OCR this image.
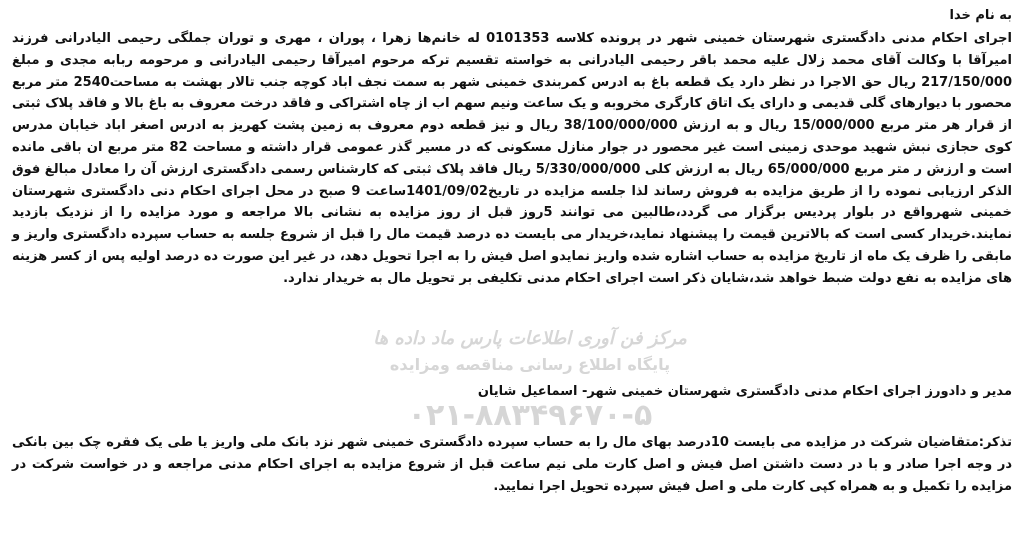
مرکز فن آوری اطلاعات پارس ماد داده ها
پایگاه اطلاع رسانی مناقصه ومزایده
۰۲۱-۸۸۳۴۹۶۷۰-۵
به نام خدا

اجرای احکام مدنی دادگستری شهرستان خمینی شهر در پرونده کلاسه 0101353 له خانم‌ها زهرا ، پوران ، مهری و توران جملگی رحیمی الیادرانی فرزند امیرآقا با وکالت آقای محمد زلال علیه محمد باقر رحیمی الیادرانی به خواسته تقسیم ترکه مرحوم امیرآقا رحیمی الیادرانی و مرحومه ربابه مجدی و مبلغ 217/150/000 ریال حق الاجرا در نظر دارد یک قطعه باغ به ادرس کمربندی خمینی شهر به سمت نجف اباد کوچه جنب تالار بهشت به مساحت2540 متر مربع محصور با دیوارهای گلی قدیمی و دارای یک اتاق کارگری مخروبه و یک ساعت ونیم سهم اب از چاه اشتراکی و فاقد درخت معروف به باغ بالا و فاقد پلاک ثبتی از قرار هر متر مربع 15/000/000 ریال و به ارزش 38/100/000/000 ریال و نیز قطعه دوم معروف به زمین پشت کهریز به ادرس اصغر اباد خیابان مدرس کوی حجازی نبش شهید موحدی زمینی است غیر محصور در جوار منازل مسکونی که در مسیر گذر عمومی قرار داشته و مساحت 82 متر مربع ان باقی مانده است و ارزش ر متر مربع 65/000/000 ریال به ارزش کلی 5/330/000/000 ریال فاقد پلاک ثبتی که کارشناس رسمی دادگستری ارزش آن را معادل مبالغ فوق الذکر ارزیابی نموده را از طریق مزایده به فروش رساند لذا جلسه مزایده در تاریخ1401/09/02ساعت 9 صبح در محل اجرای احکام دنی دادگستری شهرستان خمینی شهرواقع در بلوار پردیس برگزار می گردد،طالبین می توانند 5روز قبل از روز مزایده به نشانی بالا مراجعه و مورد مزایده را از نزدیک بازدید نمایند.خریدار کسی است که بالاترین قیمت را پیشنهاد نماید،خریدار می بایست ده درصد قیمت مال را قبل از شروع جلسه به حساب سپرده دادگستری واریز و مابقی را ظرف یک ماه از تاریخ مزایده به حساب اشاره شده واریز نمایدو اصل فیش را به اجرا تحویل دهد، در غیر این صورت ده درصد اولیه پس از کسر هزینه های مزایده به نفع دولت ضبط خواهد شد،شایان ذکر است اجرای احکام مدنی تکلیفی بر تحویل مال به خریدار ندارد.

مدیر و دادورز اجرای احکام مدنی دادگستری شهرستان خمینی شهر- اسماعیل شایان

تذکر:متقاضیان شرکت در مزایده می بایست 10درصد بهای مال را به حساب سپرده دادگستری خمینی شهر نزد بانک ملی واریز یا طی یک فقره چک بین بانکی در وجه اجرا صادر و با در دست داشتن اصل فیش و اصل کارت ملی نیم ساعت قبل از شروع مزایده به اجرای احکام مدنی مراجعه و در خواست شرکت در مزایده را تکمیل و به همراه کپی کارت ملی و اصل فیش سپرده تحویل اجرا نمایید.
